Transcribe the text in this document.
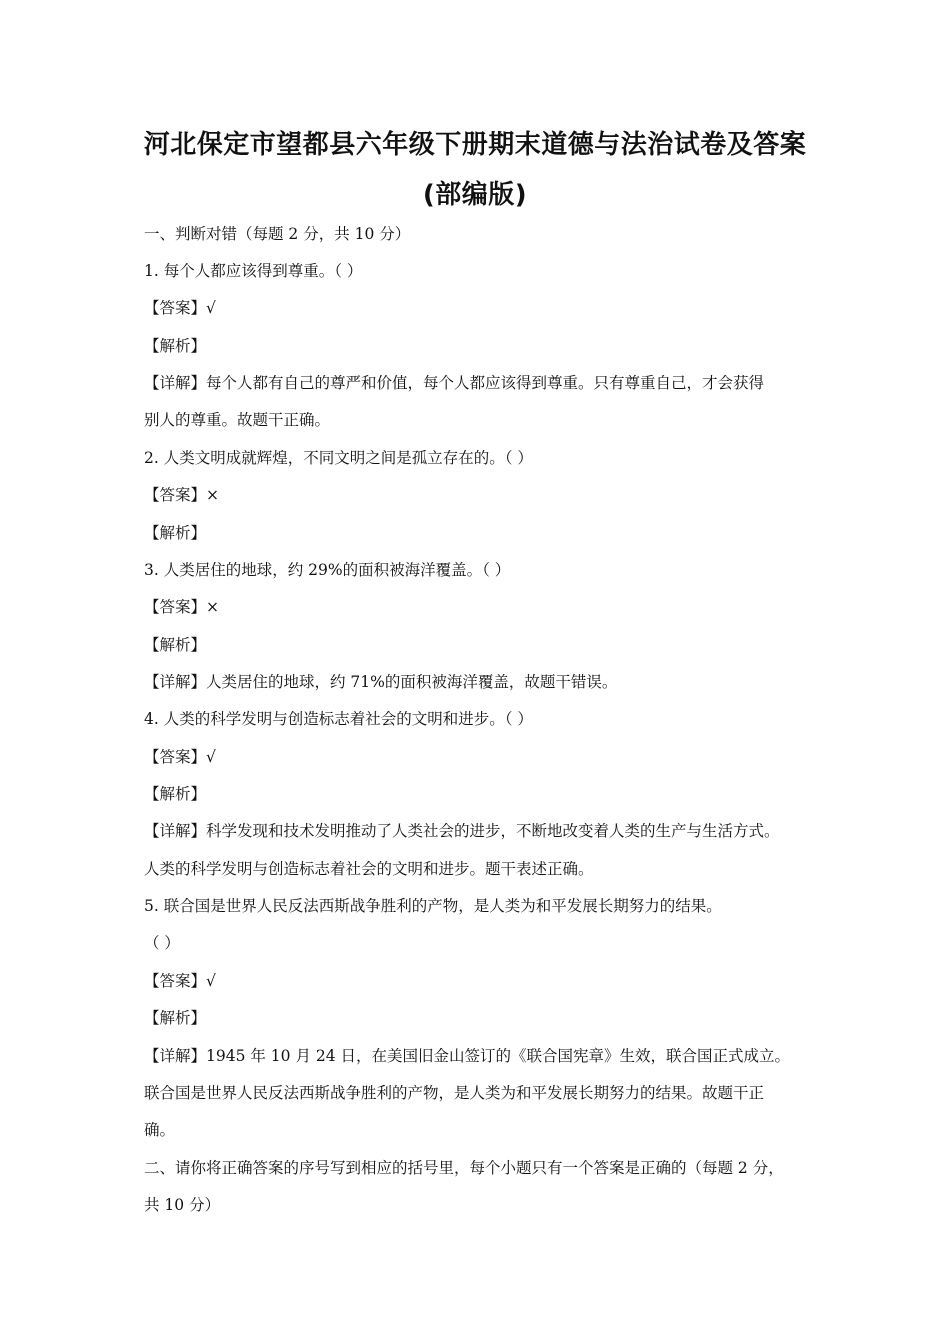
河北保定市望都县六年级下册期末道德与法治试卷及答案
(部编版)
一、判断对错（每题 2 分，共 10 分）
1. 每个人都应该得到尊重。（ ）
【答案】√
【解析】
【详解】每个人都有自己的尊严和价值，每个人都应该得到尊重。只有尊重自己，才会获得
别人的尊重。故题干正确。
2. 人类文明成就辉煌，不同文明之间是孤立存在的。（ ）
【答案】×
【解析】
3. 人类居住的地球，约 29%的面积被海洋覆盖。（ ）
【答案】×
【解析】
【详解】人类居住的地球，约 71%的面积被海洋覆盖，故题干错误。
4. 人类的科学发明与创造标志着社会的文明和进步。（ ）
【答案】√
【解析】
【详解】科学发现和技术发明推动了人类社会的进步，不断地改变着人类的生产与生活方式。
人类的科学发明与创造标志着社会的文明和进步。题干表述正确。
5. 联合国是世界人民反法西斯战争胜利的产物，是人类为和平发展长期努力的结果。
（ ）
【答案】√
【解析】
【详解】1945 年 10 月 24 日，在美国旧金山签订的《联合国宪章》生效，联合国正式成立。
联合国是世界人民反法西斯战争胜利的产物，是人类为和平发展长期努力的结果。故题干正
确。
二、请你将正确答案的序号写到相应的括号里，每个小题只有一个答案是正确的（每题 2 分，
共 10 分）
